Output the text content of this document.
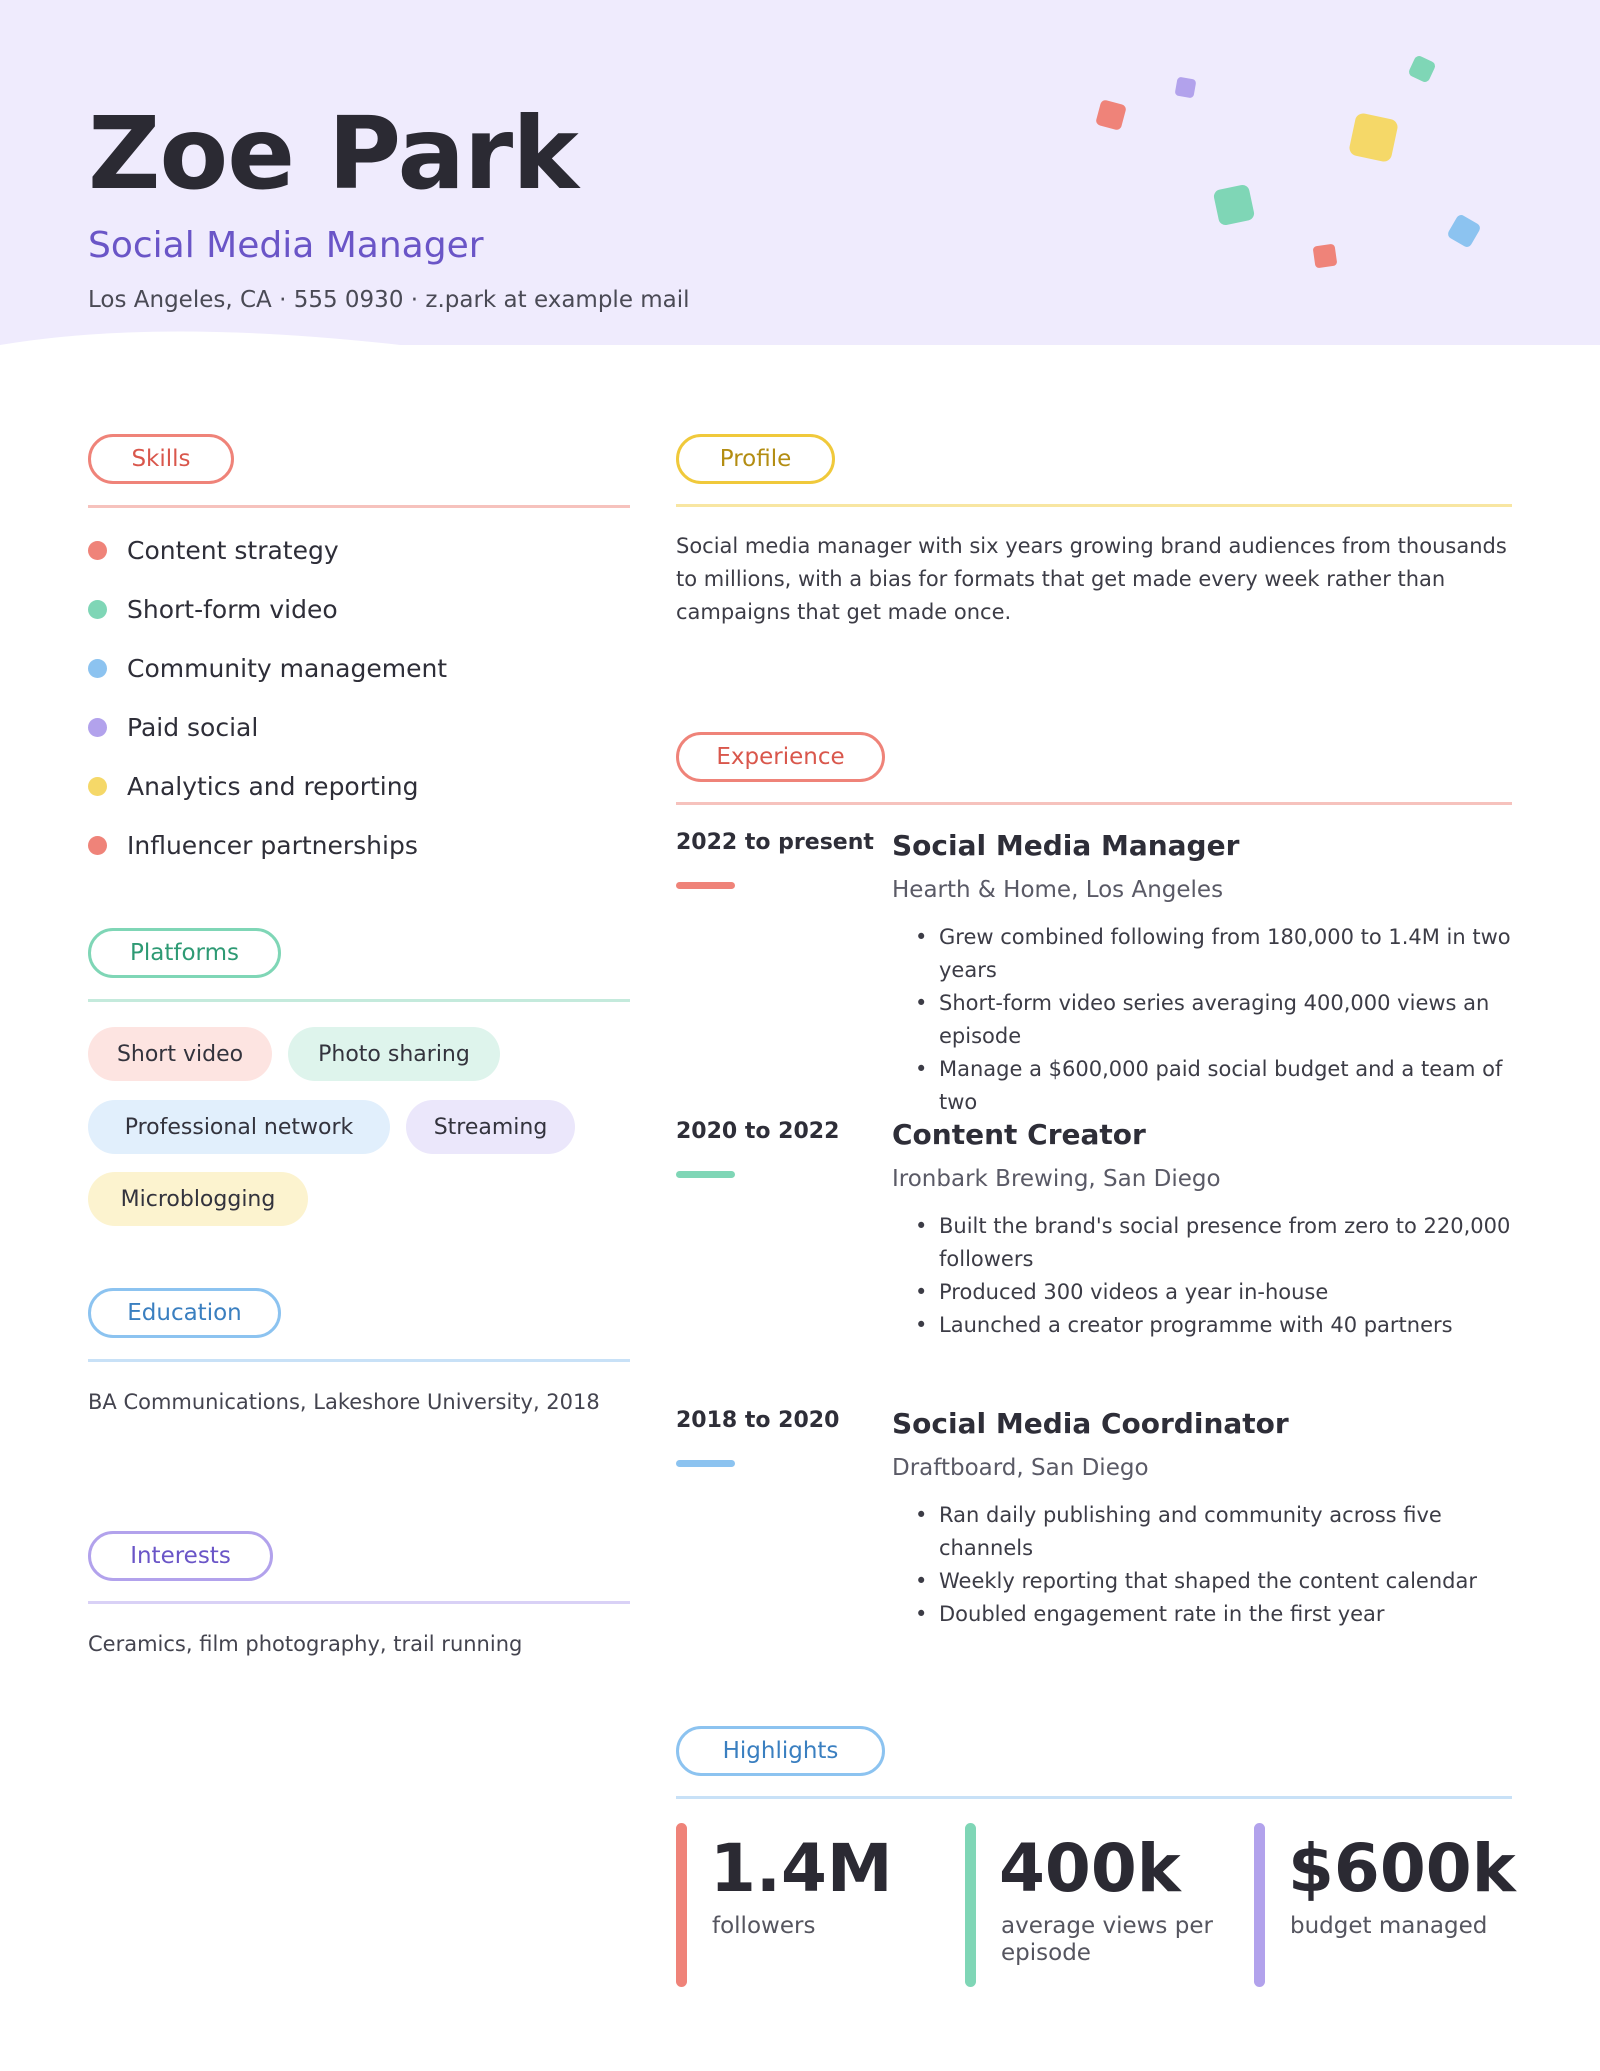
Zoe Park
Social Media Manager
Los Angeles, CA · 555 0930 · z.park at example mail
Skills
Content strategy
Short-form video
Community management
Paid social
Analytics and reporting
Influencer partnerships
Platforms
Short video	Photo sharing
Professional network	Streaming
Microblogging
Education
BA Communications, Lakeshore University, 2018
Interests
Ceramics, film photography, trail running
Profile
Social media manager with six years growing brand audiences from thousands to millions, with a bias for formats that get made every week rather than campaigns that get made once.
Experience
2022 to present Social Media Manager
Hearth & Home, Los Angeles
• Grew combined following from 180,000 to 1.4M in two years
• Short-form video series averaging 400,000 views an episode
• Manage a $600,000 paid social budget and a team of two
2020 to 2022 Content Creator
Ironbark Brewing, San Diego
• Built the brand's social presence from zero to 220,000 followers
• Produced 300 videos a year in-house
• Launched a creator programme with 40 partners
2018 to 2020 Social Media Coordinator
Draftboard, San Diego
• Ran daily publishing and community across five channels
• Weekly reporting that shaped the content calendar
• Doubled engagement rate in the first year
Highlights
1.4M
followers
400k
average views per episode
$600k
budget managed
